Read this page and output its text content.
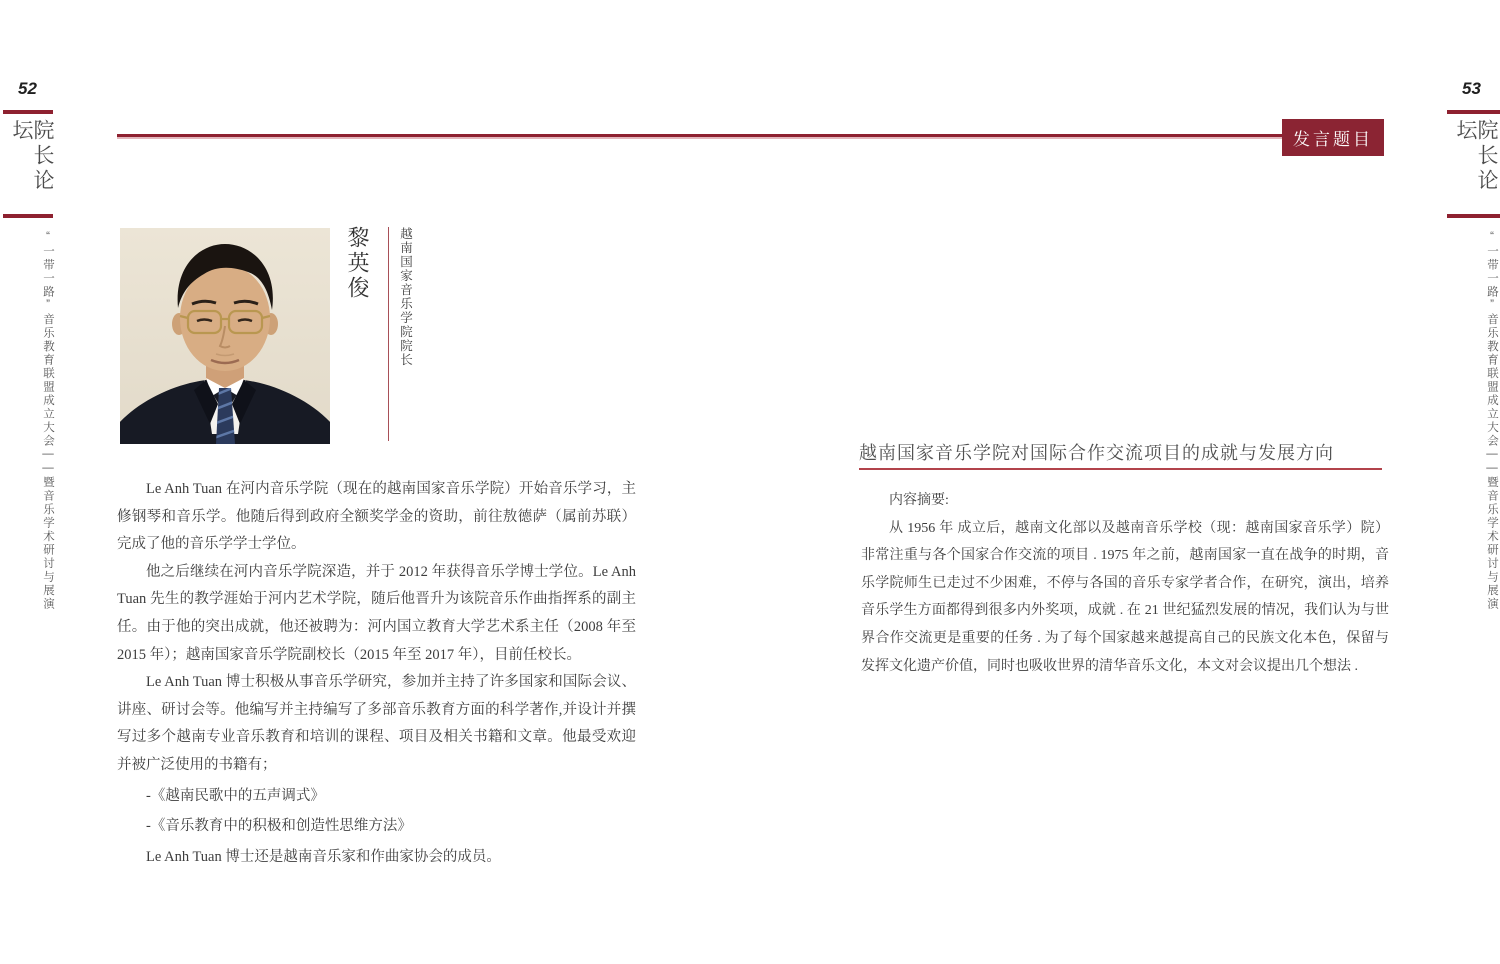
52
院长论坛
“一带一路”音乐教育联盟成立大会——暨音乐学术研讨与展演
发言题目
53
院长论坛
“一带一路”音乐教育联盟成立大会——暨音乐学术研讨与展演
黎英俊 越南国家音乐学院院长

Le Anh Tuan 在河内音乐学院（现在的越南国家音乐学院）开始音乐学习，主修钢琴和音乐学。他随后得到政府全额奖学金的资助，前往敖德萨（属前苏联）完成了他的音乐学学士学位。

他之后继续在河内音乐学院深造，并于 2012 年获得音乐学博士学位。Le Anh Tuan 先生的教学涯始于河内艺术学院，随后他晋升为该院音乐作曲指挥系的副主任。由于他的突出成就，他还被聘为：河内国立教育大学艺术系主任（2008 年至 2015 年）；越南国家音乐学院副校长（2015 年至 2017 年），目前任校长。

Le Anh Tuan 博士积极从事音乐学研究，参加并主持了许多国家和国际会议、讲座、研讨会等。他编写并主持编写了多部音乐教育方面的科学著作,并设计并撰写过多个越南专业音乐教育和培训的课程、项目及相关书籍和文章。他最受欢迎并被广泛使用的书籍有；

-《越南民歌中的五声调式》

-《音乐教育中的积极和创造性思维方法》

Le Anh Tuan 博士还是越南音乐家和作曲家协会的成员。

越南国家音乐学院对国际合作交流项目的成就与发展方向

内容摘要:

从 1956 年 成立后，越南文化部以及越南音乐学校（现：越南国家音乐学）院）非常注重与各个国家合作交流的项目 . 1975 年之前，越南国家一直在战争的时期，音乐学院师生已走过不少困难，不停与各国的音乐专家学者合作，在研究，演出，培养音乐学生方面都得到很多内外奖项，成就 . 在 21 世纪猛烈发展的情况，我们认为与世界合作交流更是重要的任务 . 为了每个国家越来越提高自己的民族文化本色，保留与发挥文化遗产价值，同时也吸收世界的清华音乐文化，本文对会议提出几个想法 .
